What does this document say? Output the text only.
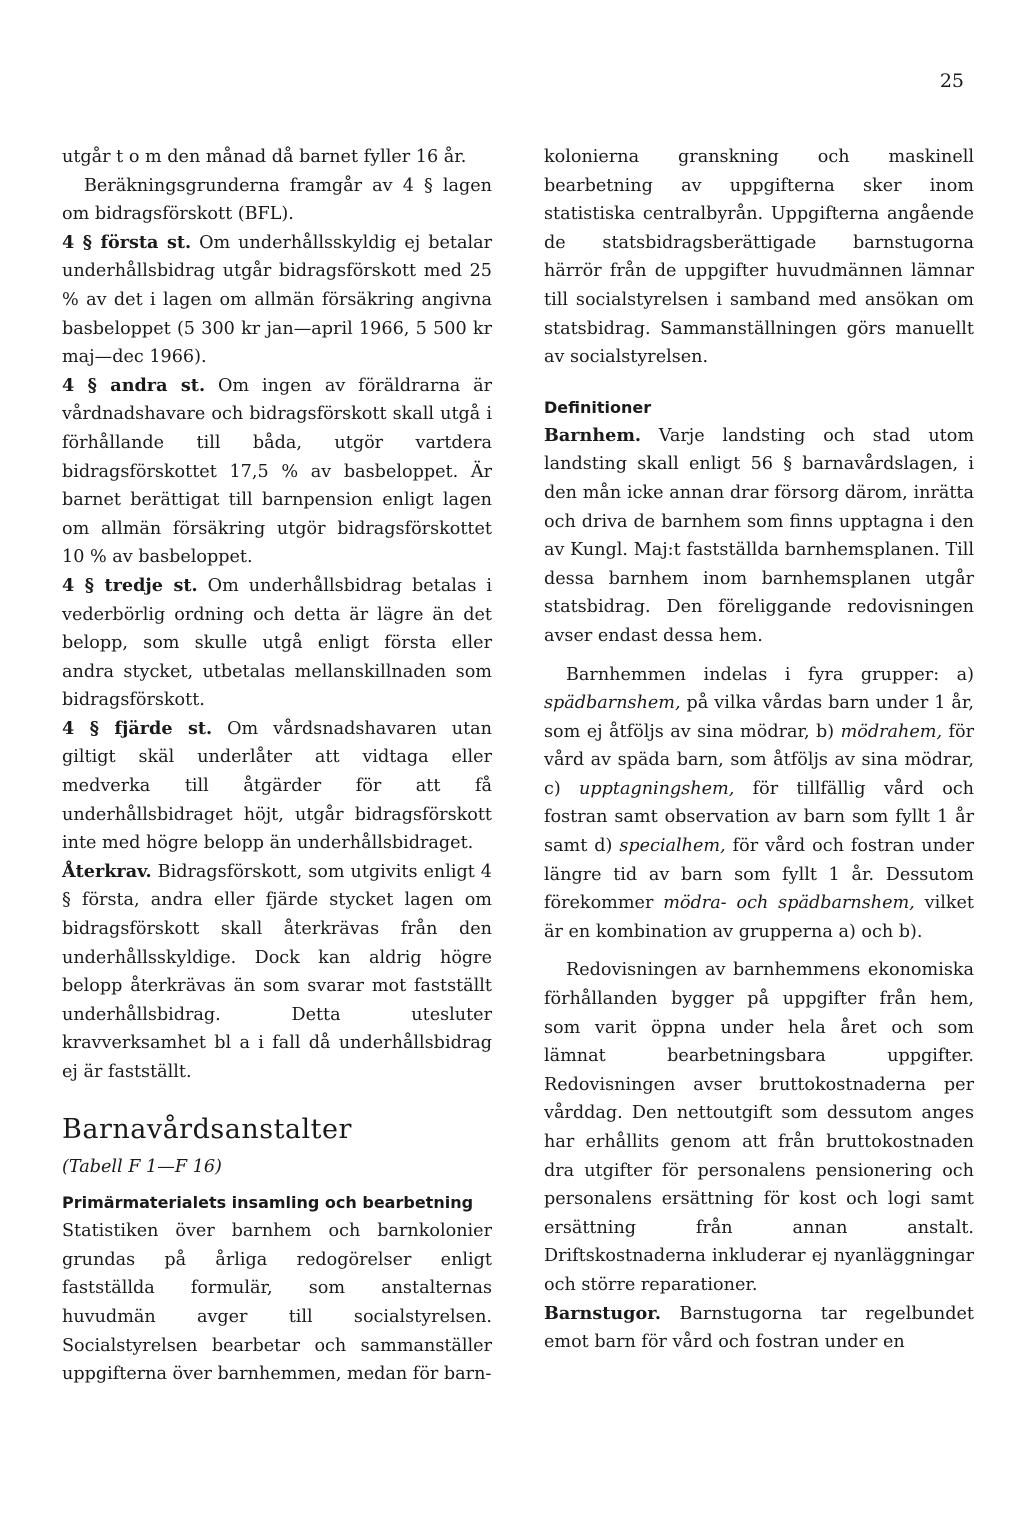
25

utgår t o m den månad då barnet fyller 16 år.

Beräkningsgrunderna framgår av 4 § lagen om bidragsförskott (BFL).

4 § första st. Om underhållsskyldig ej betalar underhållsbidrag utgår bidragsförskott med 25 % av det i lagen om allmän försäkring angivna basbeloppet (5 300 kr jan—april 1966, 5 500 kr maj—dec 1966).

4 § andra st. Om ingen av föräldrarna är vårdnadshavare och bidragsförskott skall utgå i förhållande till båda, utgör vartdera bidragsförskottet 17,5 % av basbeloppet. Är barnet berättigat till barnpension enligt lagen om allmän försäkring utgör bidragsförskottet 10 % av basbeloppet.

4 § tredje st. Om underhållsbidrag betalas i vederbörlig ordning och detta är lägre än det belopp, som skulle utgå enligt första eller andra stycket, utbetalas mellanskillnaden som bidragsförskott.

4 § fjärde st. Om vårdsnadshavaren utan giltigt skäl underlåter att vidtaga eller medverka till åtgärder för att få underhållsbidraget höjt, utgår bidragsförskott inte med högre belopp än underhållsbidraget.

Återkrav. Bidragsförskott, som utgivits enligt 4 § första, andra eller fjärde stycket lagen om bidragsförskott skall återkrävas från den underhållsskyldige. Dock kan aldrig högre belopp återkrävas än som svarar mot fastställt underhållsbidrag. Detta utesluter kravverksamhet bl a i fall då underhållsbidrag ej är fastställt.

Barnavårdsanstalter

(Tabell F 1—F 16)

Primärmaterialets insamling och bearbetning

Statistiken över barnhem och barnkolonier grundas på årliga redogörelser enligt fastställda formulär, som anstalternas huvudmän avger till socialstyrelsen. Socialstyrelsen bearbetar och sammanställer uppgifterna över barnhemmen, medan för barn-

kolonierna granskning och maskinell bearbetning av uppgifterna sker inom statistiska centralbyrån. Uppgifterna angående de statsbidragsberättigade barnstugorna härrör från de uppgifter huvudmännen lämnar till socialstyrelsen i samband med ansökan om statsbidrag. Sammanställningen görs manuellt av socialstyrelsen.

Definitioner

Barnhem. Varje landsting och stad utom landsting skall enligt 56 § barnavårdslagen, i den mån icke annan drar försorg därom, inrätta och driva de barnhem som finns upptagna i den av Kungl. Maj:t fastställda barnhemsplanen. Till dessa barnhem inom barnhemsplanen utgår statsbidrag. Den föreliggande redovisningen avser endast dessa hem.

Barnhemmen indelas i fyra grupper: a) spädbarnshem, på vilka vårdas barn under 1 år, som ej åtföljs av sina mödrar, b) mödrahem, för vård av späda barn, som åtföljs av sina mödrar, c) upptagningshem, för tillfällig vård och fostran samt observation av barn som fyllt 1 år samt d) specialhem, för vård och fostran under längre tid av barn som fyllt 1 år. Dessutom förekommer mödra- och spädbarnshem, vilket är en kombination av grupperna a) och b).

Redovisningen av barnhemmens ekonomiska förhållanden bygger på uppgifter från hem, som varit öppna under hela året och som lämnat bearbetningsbara uppgifter. Redovisningen avser bruttokostnaderna per vårddag. Den nettoutgift som dessutom anges har erhållits genom att från bruttokostnaden dra utgifter för personalens pensionering och personalens ersättning för kost och logi samt ersättning från annan anstalt. Driftskostnaderna inkluderar ej nyanläggningar och större reparationer.

Barnstugor. Barnstugorna tar regelbundet emot barn för vård och fostran under en
